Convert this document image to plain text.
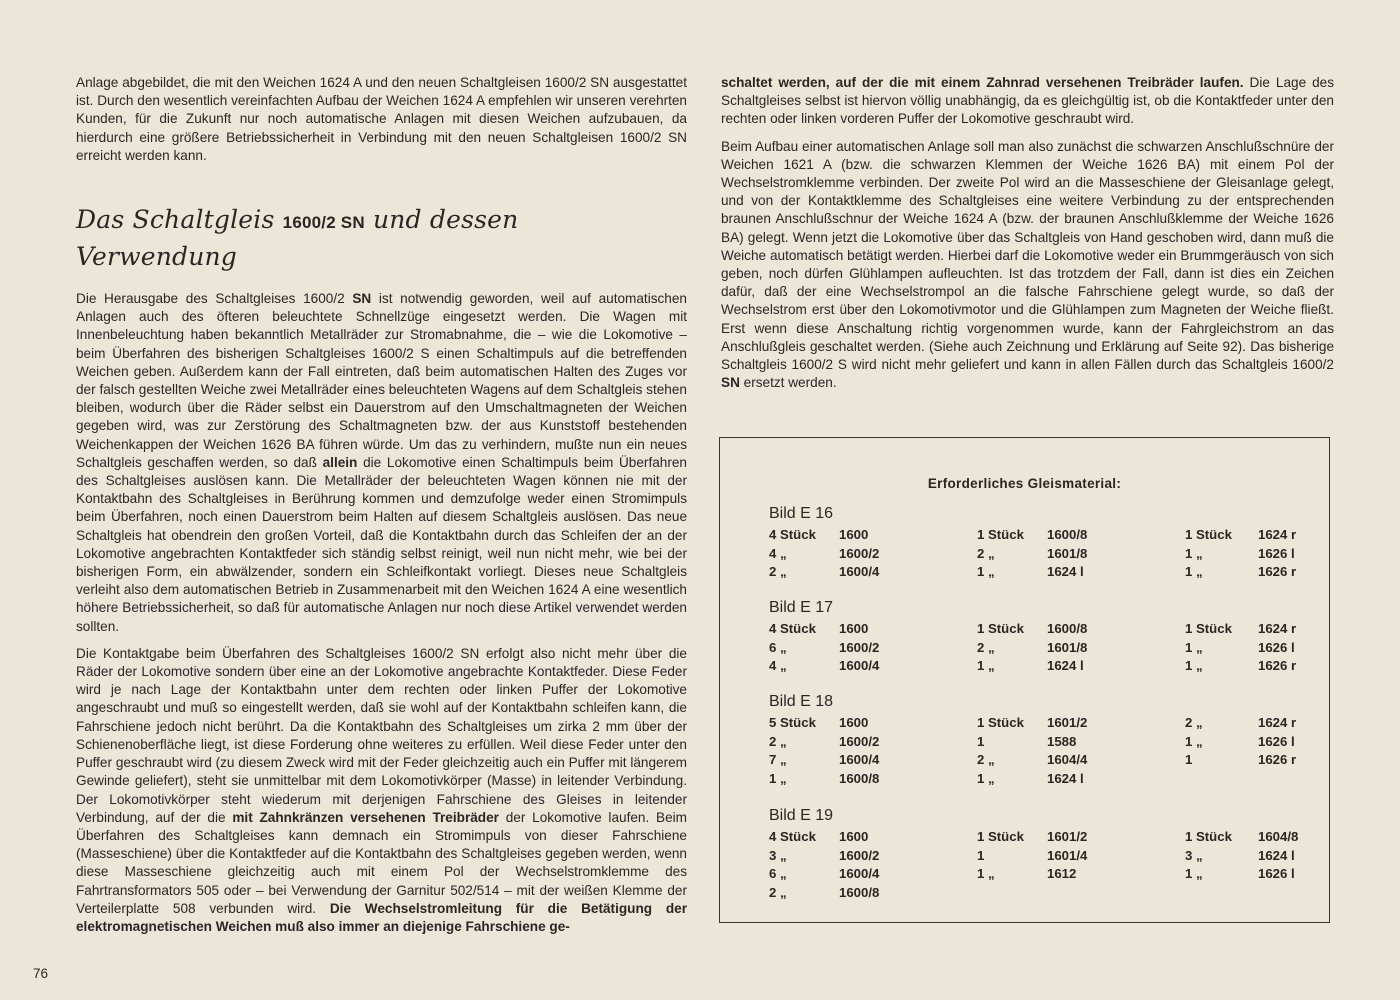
Anlage abgebildet, die mit den Weichen 1624 A und den neuen Schaltgleisen 1600/2 SN ausgestattet ist. Durch den wesentlich vereinfachten Aufbau der Weichen 1624 A empfehlen wir unseren verehrten Kunden, für die Zukunft nur noch automatische Anlagen mit diesen Weichen aufzubauen, da hierdurch eine größere Betriebssicherheit in Verbindung mit den neuen Schaltgleisen 1600/2 SN erreicht werden kann.

Das Schaltgleis 1600/2 SN und dessen Verwendung

Die Herausgabe des Schaltgleises 1600/2 SN ist notwendig geworden, weil auf automatischen Anlagen auch des öfteren beleuchtete Schnellzüge eingesetzt werden. Die Wagen mit Innenbeleuchtung haben bekanntlich Metallräder zur Stromabnahme, die – wie die Lokomotive – beim Überfahren des bisherigen Schaltgleises 1600/2 S einen Schaltimpuls auf die betreffenden Weichen geben. Außerdem kann der Fall eintreten, daß beim automatischen Halten des Zuges vor der falsch gestellten Weiche zwei Metallräder eines beleuchteten Wagens auf dem Schaltgleis stehen bleiben, wodurch über die Räder selbst ein Dauerstrom auf den Umschaltmagneten der Weichen gegeben wird, was zur Zerstörung des Schaltmagneten bzw. der aus Kunststoff bestehenden Weichenkappen der Weichen 1626 BA führen würde. Um das zu verhindern, mußte nun ein neues Schaltgleis geschaffen werden, so daß allein die Lokomotive einen Schaltimpuls beim Überfahren des Schaltgleises auslösen kann. Die Metallräder der beleuchteten Wagen können nie mit der Kontaktbahn des Schaltgleises in Berührung kommen und demzufolge weder einen Stromimpuls beim Überfahren, noch einen Dauerstrom beim Halten auf diesem Schaltgleis auslösen. Das neue Schaltgleis hat obendrein den großen Vorteil, daß die Kontaktbahn durch das Schleifen der an der Lokomotive angebrachten Kontaktfeder sich ständig selbst reinigt, weil nun nicht mehr, wie bei der bisherigen Form, ein abwälzender, sondern ein Schleifkontakt vorliegt. Dieses neue Schaltgleis verleiht also dem automatischen Betrieb in Zusammenarbeit mit den Weichen 1624 A eine wesentlich höhere Betriebssicherheit, so daß für automatische Anlagen nur noch diese Artikel verwendet werden sollten.

Die Kontaktgabe beim Überfahren des Schaltgleises 1600/2 SN erfolgt also nicht mehr über die Räder der Lokomotive sondern über eine an der Lokomotive angebrachte Kontaktfeder. Diese Feder wird je nach Lage der Kontaktbahn unter dem rechten oder linken Puffer der Lokomotive angeschraubt und muß so eingestellt werden, daß sie wohl auf der Kontaktbahn schleifen kann, die Fahrschiene jedoch nicht berührt. Da die Kontaktbahn des Schaltgleises um zirka 2 mm über der Schienenoberfläche liegt, ist diese Forderung ohne weiteres zu erfüllen. Weil diese Feder unter den Puffer geschraubt wird (zu diesem Zweck wird mit der Feder gleichzeitig auch ein Puffer mit längerem Gewinde geliefert), steht sie unmittelbar mit dem Lokomotivkörper (Masse) in leitender Verbindung. Der Lokomotivkörper steht wiederum mit derjenigen Fahrschiene des Gleises in leitender Verbindung, auf der die mit Zahnkränzen versehenen Treibräder der Lokomotive laufen. Beim Überfahren des Schaltgleises kann demnach ein Stromimpuls von dieser Fahrschiene (Masseschiene) über die Kontaktfeder auf die Kontaktbahn des Schaltgleises gegeben werden, wenn diese Masseschiene gleichzeitig auch mit einem Pol der Wechselstromklemme des Fahrtransformators 505 oder – bei Verwendung der Garnitur 502/514 – mit der weißen Klemme der Verteilerplatte 508 verbunden wird. Die Wechselstromleitung für die Betätigung der elektromagnetischen Weichen muß also immer an diejenige Fahrschiene ge-

schaltet werden, auf der die mit einem Zahnrad versehenen Treibräder laufen. Die Lage des Schaltgleises selbst ist hiervon völlig unabhängig, da es gleichgültig ist, ob die Kontaktfeder unter den rechten oder linken vorderen Puffer der Lokomotive geschraubt wird.

Beim Aufbau einer automatischen Anlage soll man also zunächst die schwarzen Anschlußschnüre der Weichen 1621 A (bzw. die schwarzen Klemmen der Weiche 1626 BA) mit einem Pol der Wechselstromklemme verbinden. Der zweite Pol wird an die Masseschiene der Gleisanlage gelegt, und von der Kontaktklemme des Schaltgleises eine weitere Verbindung zu der entsprechenden braunen Anschlußschnur der Weiche 1624 A (bzw. der braunen Anschlußklemme der Weiche 1626 BA) gelegt. Wenn jetzt die Lokomotive über das Schaltgleis von Hand geschoben wird, dann muß die Weiche automatisch betätigt werden. Hierbei darf die Lokomotive weder ein Brummgeräusch von sich geben, noch dürfen Glühlampen aufleuchten. Ist das trotzdem der Fall, dann ist dies ein Zeichen dafür, daß der eine Wechselstrompol an die falsche Fahrschiene gelegt wurde, so daß der Wechselstrom erst über den Lokomotivmotor und die Glühlampen zum Magneten der Weiche fließt. Erst wenn diese Anschaltung richtig vorgenommen wurde, kann der Fahrgleichstrom an das Anschlußgleis geschaltet werden. (Siehe auch Zeichnung und Erklärung auf Seite 92). Das bisherige Schaltgleis 1600/2 S wird nicht mehr geliefert und kann in allen Fällen durch das Schaltgleis 1600/2 SN ersetzt werden.

Erforderliches Gleismaterial:
Bild E 16
4 Stück 1600	1 Stück 1600/8	1 Stück 1624 r
4 „	1600/2	2 „	1601/8	1 „	1626 l
2 „	1600/4	1 „	1624 l	1 „	1626 r
Bild E 17
4 Stück 1600	1 Stück 1600/8	1 Stück 1624 r
6 „	1600/2	2 „	1601/8	1 „	1626 l
4 „	1600/4	1 „	1624 l	1 „	1626 r
Bild E 18
5 Stück 1600	1 Stück 1601/2	2 „	1624 r
2 „	1600/2	1	1588	1 „	1626 l
7 „	1600/4	2 „	1604/4	1	1626 r
1 „	1600/8	1 „	1624 l
Bild E 19
4 Stück 1600	1 Stück 1601/2	1 Stück 1604/8
3 „	1600/2	1	1601/4	3 „	1624 l
6 „	1600/4	1 „	1612	1 „	1626 l
2 „	1600/8
76
